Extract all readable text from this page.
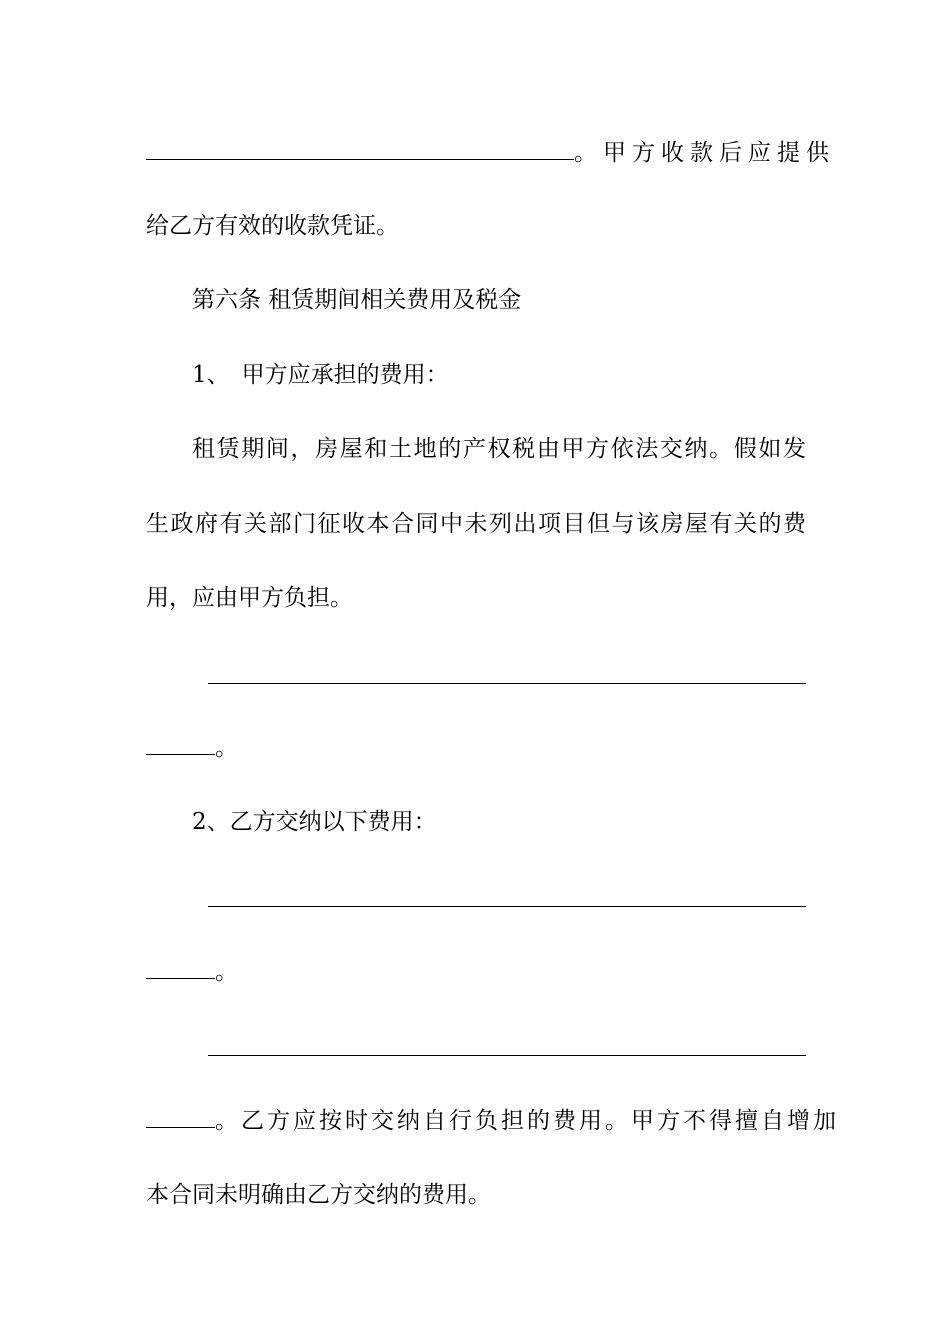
。甲方收款后应提供
给乙方有效的收款凭证。
第六条 租赁期间相关费用及税金
1、 甲方应承担的费用：
租赁期间，房屋和土地的产权税由甲方依法交纳。假如发
生政府有关部门征收本合同中未列出项目但与该房屋有关的费
用，应由甲方负担。
。
2、乙方交纳以下费用：
。
。乙方应按时交纳自行负担的费用。甲方不得擅自增加
本合同未明确由乙方交纳的费用。
